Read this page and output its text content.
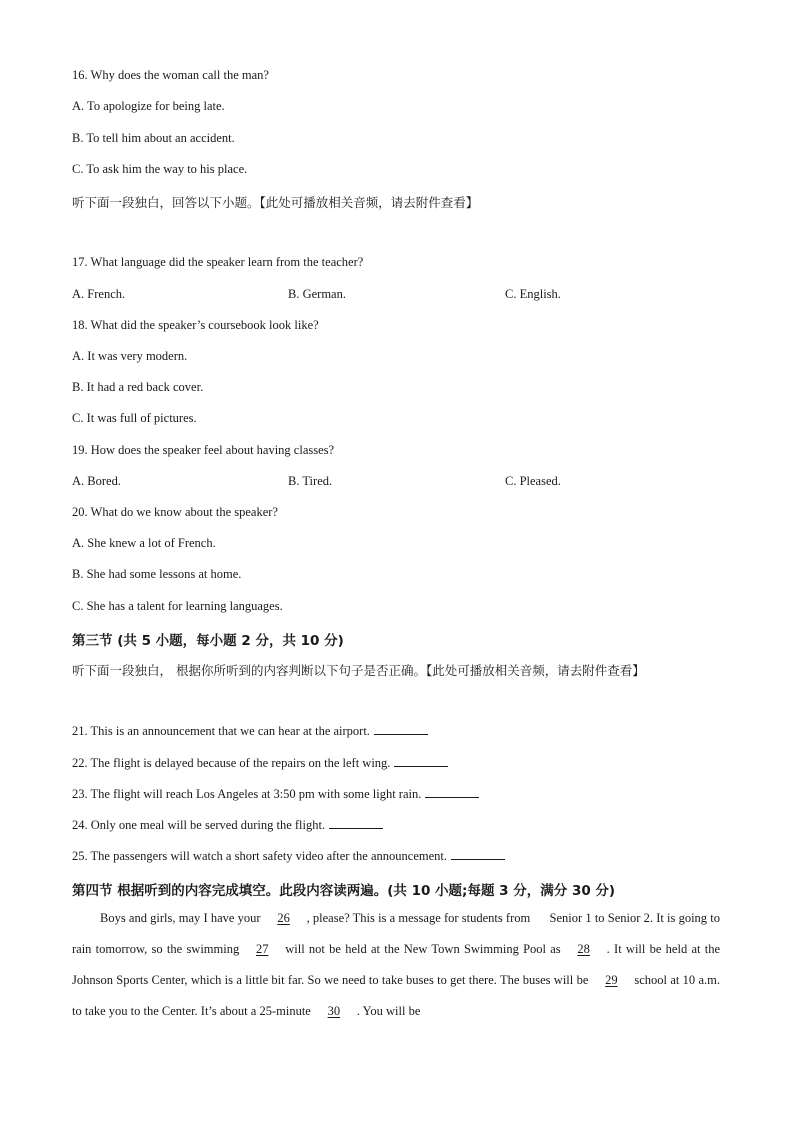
16. Why does the woman call the man?
A. To apologize for being late.
B. To tell him about an accident.
C. To ask him the way to his place.
听下面一段独白，回答以下小题。【此处可播放相关音频，请去附件查看】
17. What language did the speaker learn from the teacher?
A. French.	B. German.	C. English.
18. What did the speaker’s coursebook look like?
A. It was very modern.
B. It had a red back cover.
C. It was full of pictures.
19. How does the speaker feel about having classes?
A. Bored.	B. Tired.	C. Pleased.
20. What do we know about the speaker?
A. She knew a lot of French.
B. She had some lessons at home.
C. She has a talent for learning languages.
第三节 (共 5 小题，每小题 2 分，共 10 分)
听下面一段独白， 根据你所听到的内容判断以下句子是否正确。【此处可播放相关音频，请去附件查看】
21. This is an announcement that we can hear at the airport.
22. The flight is delayed because of the repairs on the left wing.
23. The flight will reach Los Angeles at 3:50 pm with some light rain.
24. Only one meal will be served during the flight.
25. The passengers will watch a short safety video after the announcement.
第四节 根据听到的内容完成填空。此段内容读两遍。(共 10 小题;每题 3 分，满分 30 分)
Boys and girls, may I have your 26 , please? This is a message for students from Senior 1 to Senior 2. It is going to rain tomorrow, so the swimming 27 will not be held at the New Town Swimming Pool as 28 . It will be held at the Johnson Sports Center, which is a little bit far. So we need to take buses to get there. The buses will be 29 school at 10 a.m. to take you to the Center. It’s about a 25-minute 30 . You will be
